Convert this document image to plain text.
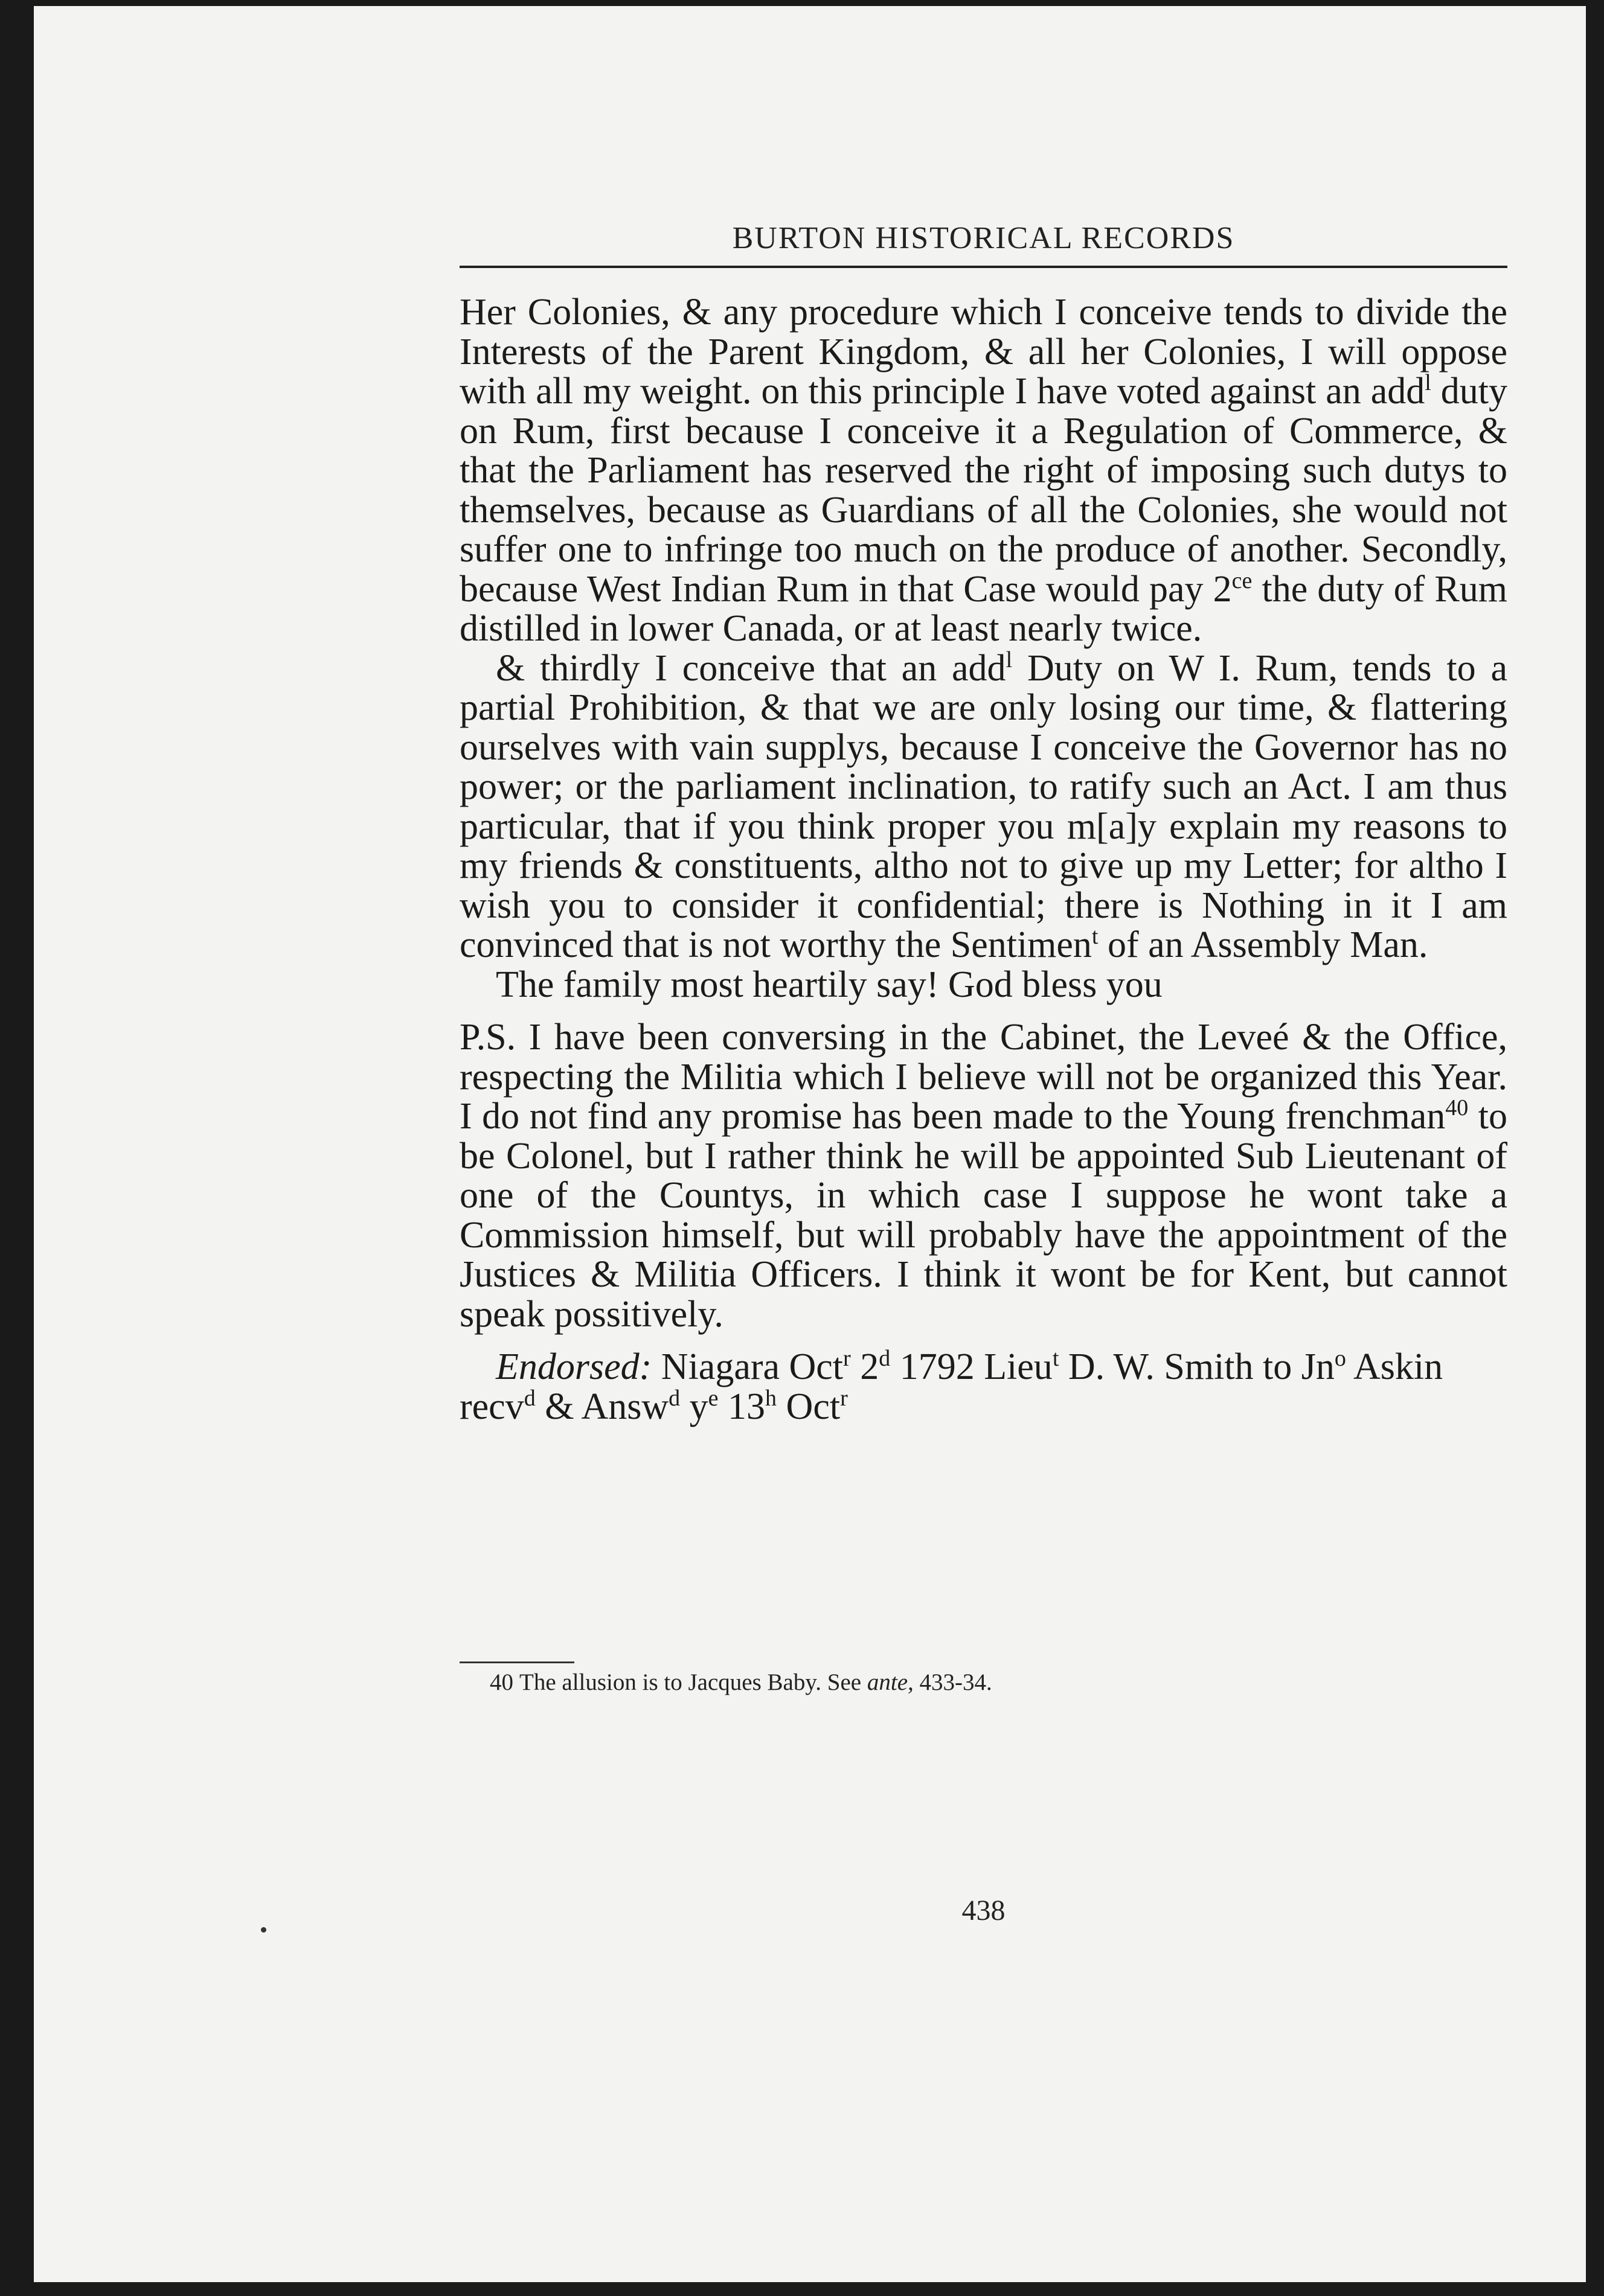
BURTON HISTORICAL RECORDS

Her Colonies, & any procedure which I conceive tends to divide the Interests of the Parent Kingdom, & all her Colonies, I will oppose with all my weight. on this principle I have voted against an add$^l$ duty on Rum, first because I conceive it a Regulation of Commerce, & that the Parliament has reserved the right of imposing such dutys to themselves, because as Guardians of all the Colonies, she would not suffer one to infringe too much on the produce of another. Secondly, because West Indian Rum in that Case would pay $2^{ce}$ the duty of Rum distilled in lower Canada, or at least nearly twice.

& thirdly I conceive that an add$^l$ Duty on W I. Rum, tends to a partial Prohibition, & that we are only losing our time, & flattering ourselves with vain supplys, because I conceive the Governor has no power; or the parliament inclination, to ratify such an Act. I am thus particular, that if you think proper you m[a]y explain my reasons to my friends & constituents, altho not to give up my Letter; for altho I wish you to consider it confidential; there is Nothing in it I am convinced that is not worthy the Sentimen$^t$ of an Assembly Man.

The family most heartily say! God bless you

P.S. I have been conversing in the Cabinet, the Leveé & the Office, respecting the Militia which I believe will not be organized this Year. I do not find any promise has been made to the Young frenchman$^{40}$ to be Colonel, but I rather think he will be appointed Sub Lieutenant of one of the Countys, in which case I suppose he wont take a Commission himself, but will probably have the appointment of the Justices & Militia Officers. I think it wont be for Kent, but cannot speak possitively.

Endorsed: Niagara Oct$^r$ 2$^d$ 1792 Lieu$^t$ D. W. Smith to Jn$^o$ Askin recv$^d$ & Answ$^d$ $y^e$ 13$^h$ Oct$^r$

40 The allusion is to Jacques Baby. See ante, 433-34.
438
